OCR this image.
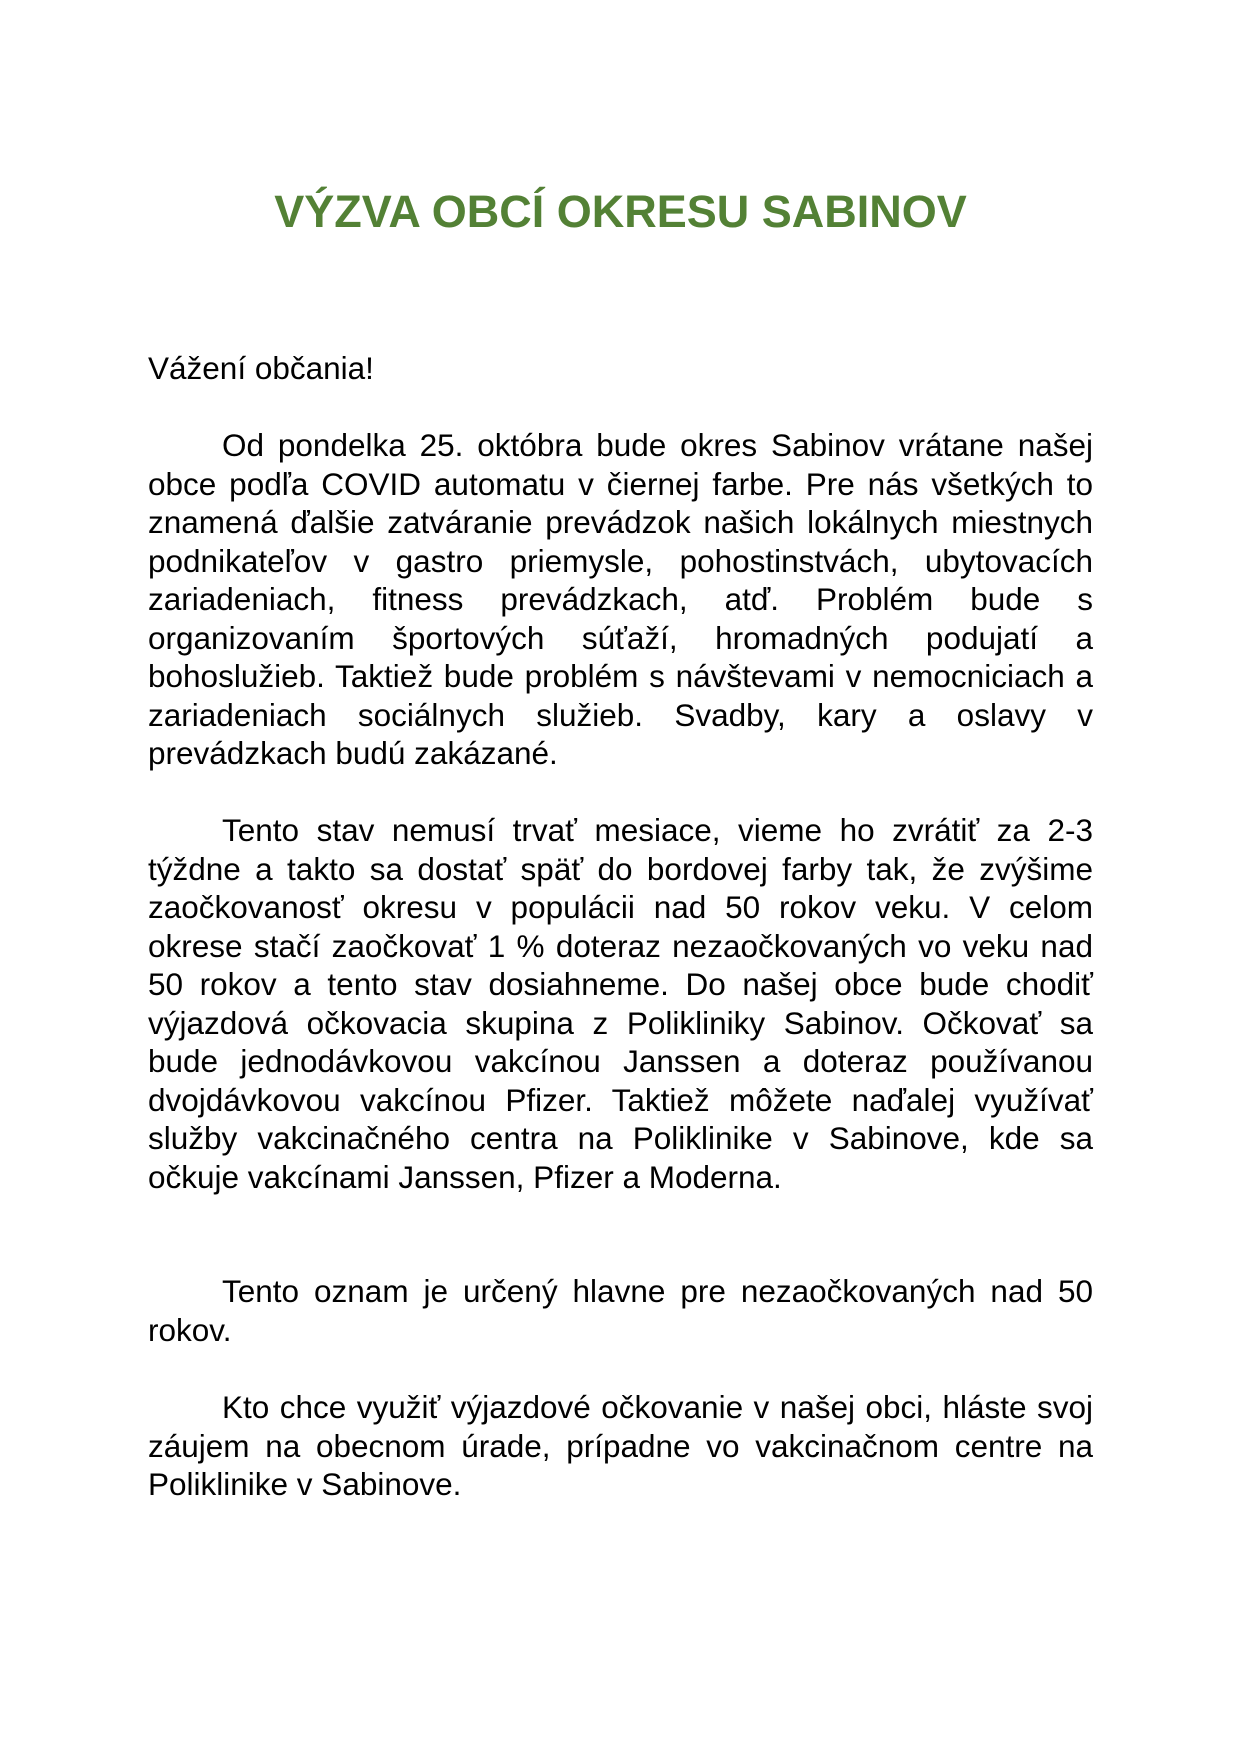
VÝZVA OBCÍ OKRESU SABINOV

Vážení občania!

Od pondelka 25. októbra bude okres Sabinov vrátane našej obce podľa COVID automatu v čiernej farbe. Pre nás všetkých to znamená ďalšie zatváranie prevádzok našich lokálnych miestnych podnikateľov v gastro priemysle, pohostinstvách, ubytovacích zariadeniach, fitness prevádzkach, atď. Problém bude s organizovaním športových súťaží, hromadných podujatí a bohoslužieb. Taktiež bude problém s návštevami v nemocniciach a zariadeniach sociálnych služieb. Svadby, kary a oslavy v prevádzkach budú zakázané.

Tento stav nemusí trvať mesiace, vieme ho zvrátiť za 2-3 týždne a takto sa dostať späť do bordovej farby tak, že zvýšime zaočkovanosť okresu v populácii nad 50 rokov veku. V celom okrese stačí zaočkovať 1 % doteraz nezaočkovaných vo veku nad 50 rokov a tento stav dosiahneme. Do našej obce bude chodiť výjazdová očkovacia skupina z Polikliniky Sabinov. Očkovať sa bude jednodávkovou vakcínou Janssen a doteraz používanou dvojdávkovou vakcínou Pfizer. Taktiež môžete naďalej využívať služby vakcinačného centra na Poliklinike v Sabinove, kde sa očkuje vakcínami Janssen, Pfizer a Moderna.

Tento oznam je určený hlavne pre nezaočkovaných nad 50 rokov.

Kto chce využiť výjazdové očkovanie v našej obci, hláste svoj záujem na obecnom úrade, prípadne vo vakcinačnom centre na Poliklinike v Sabinove.
